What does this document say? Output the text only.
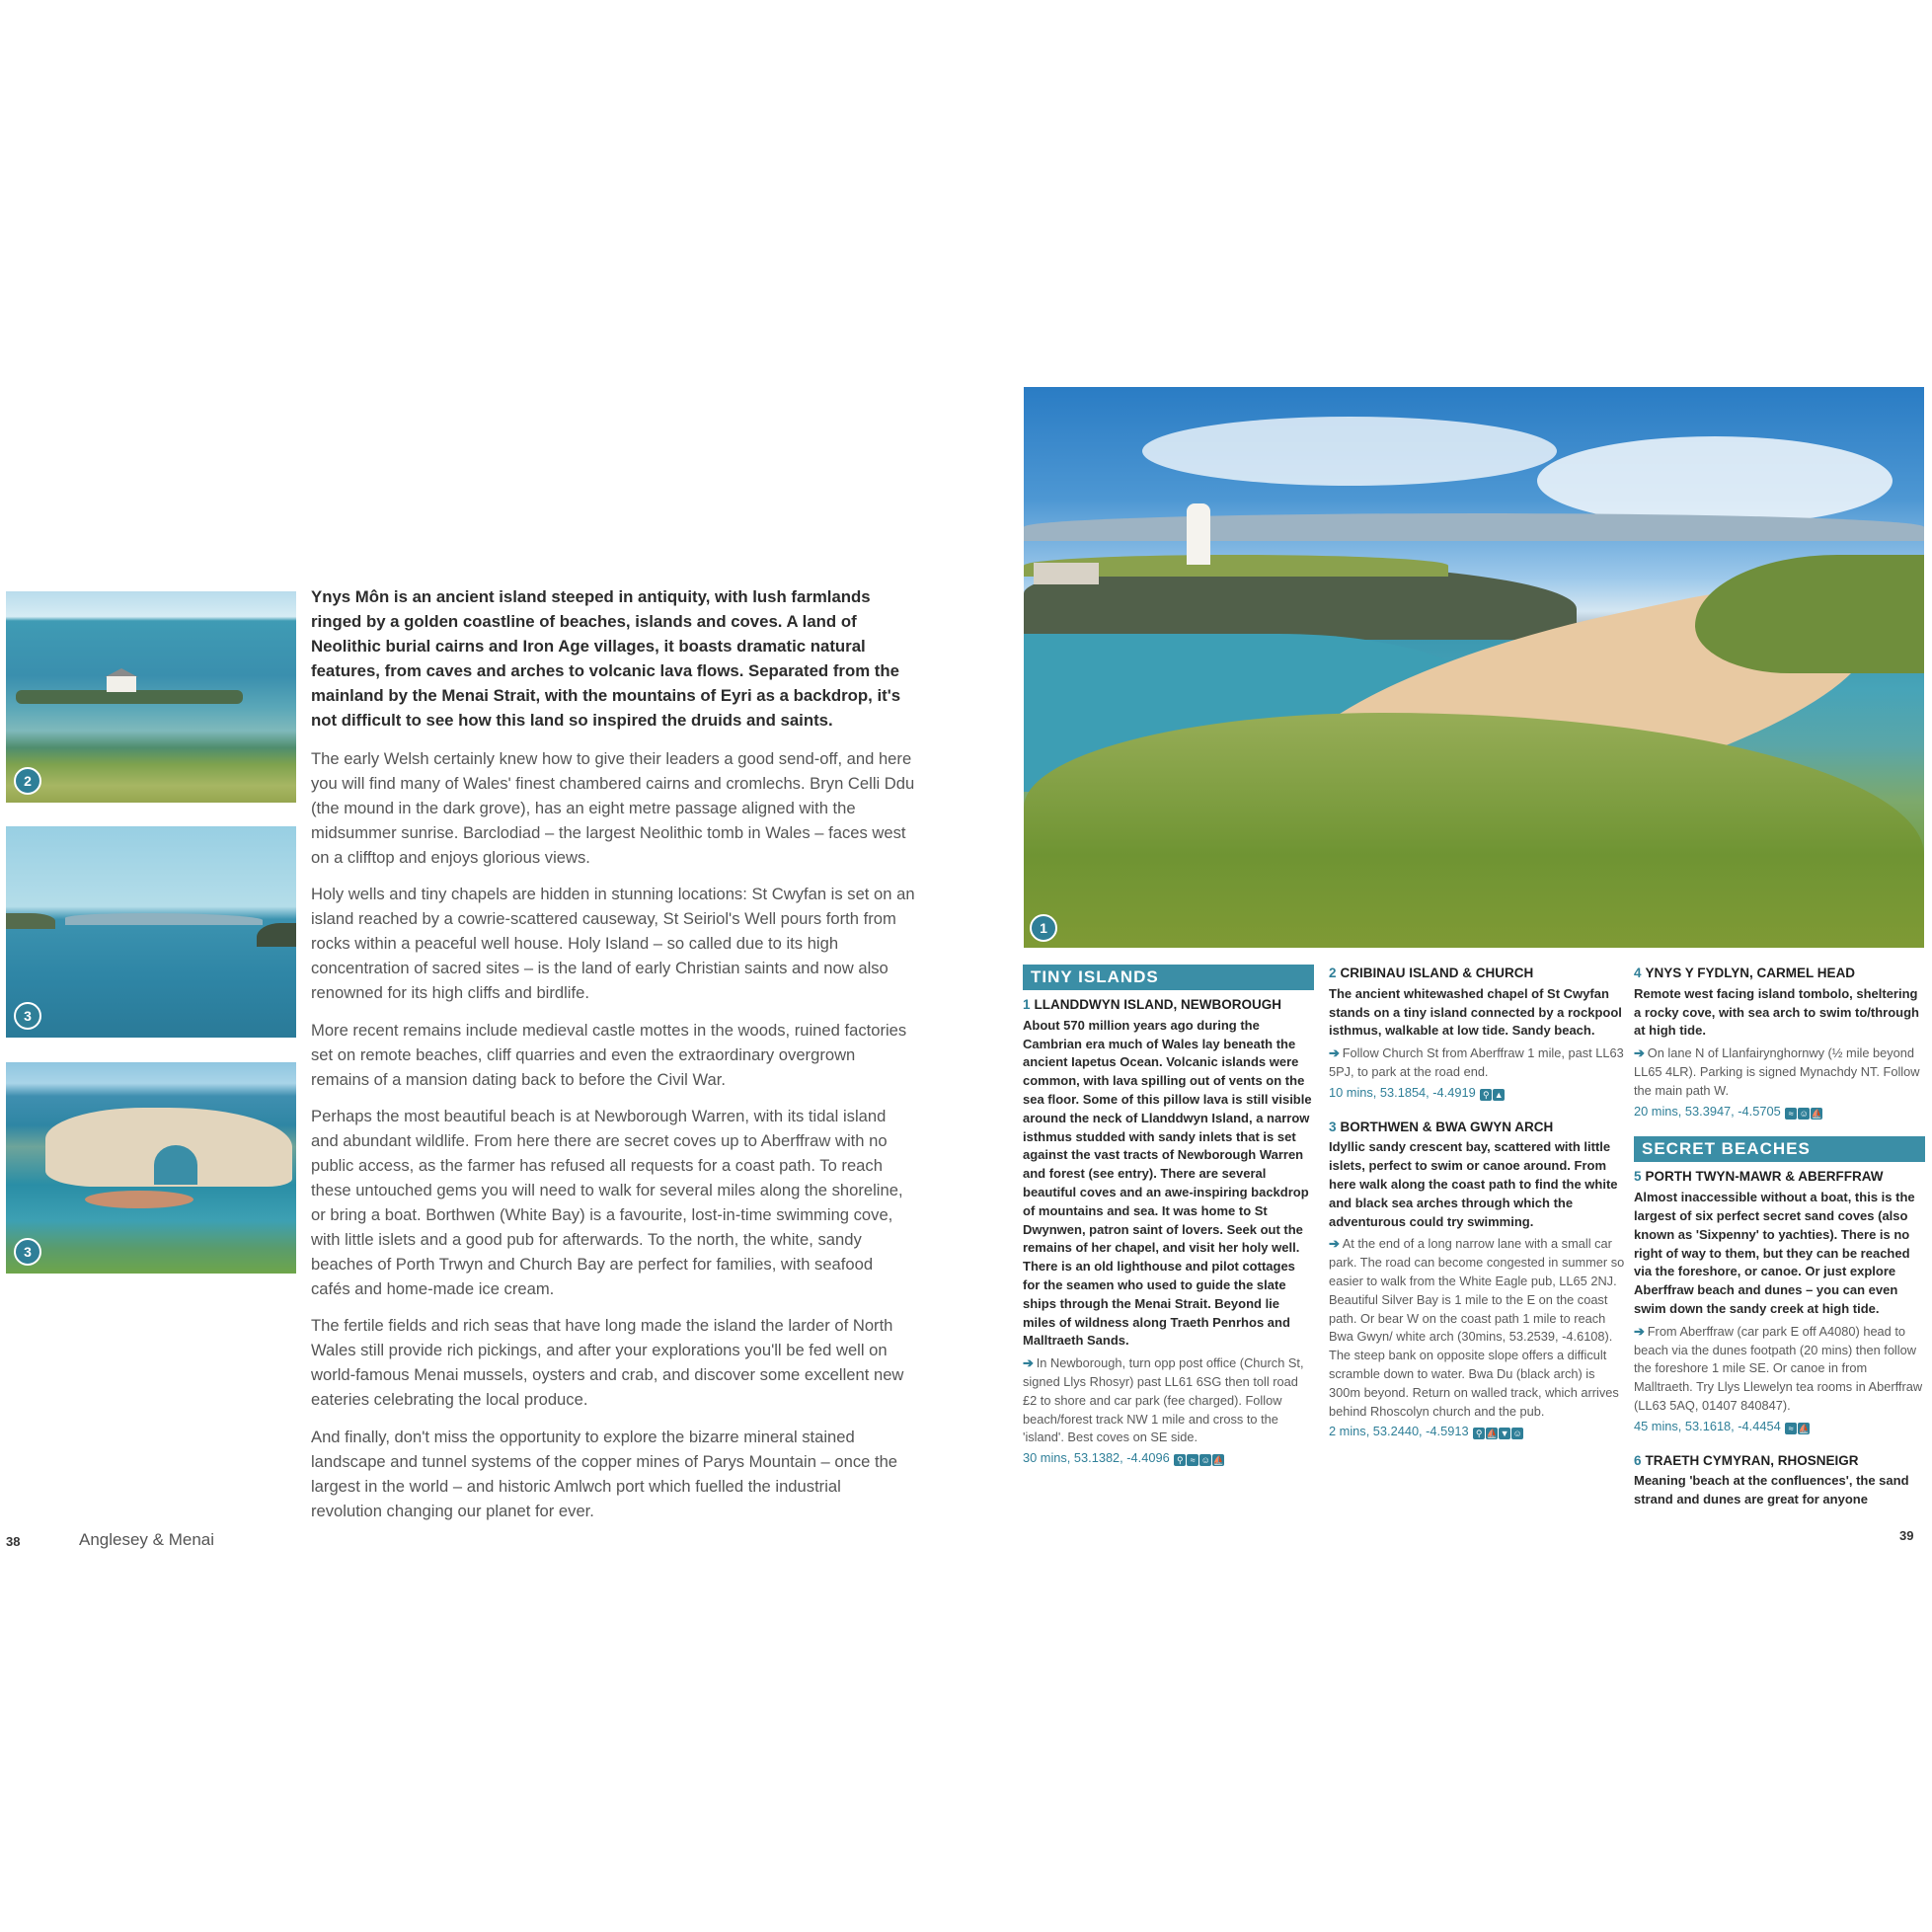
2
3
3

Ynys Môn is an ancient island steeped in antiquity, with lush farmlands ringed by a golden coastline of beaches, islands and coves. A land of Neolithic burial cairns and Iron Age villages, it boasts dramatic natural features, from caves and arches to volcanic lava flows. Separated from the mainland by the Menai Strait, with the mountains of Eyri as a backdrop, it's not difficult to see how this land so inspired the druids and saints.

The early Welsh certainly knew how to give their leaders a good send-off, and here you will find many of Wales' finest chambered cairns and cromlechs. Bryn Celli Ddu (the mound in the dark grove), has an eight metre passage aligned with the midsummer sunrise. Barclodiad – the largest Neolithic tomb in Wales – faces west on a clifftop and enjoys glorious views.

Holy wells and tiny chapels are hidden in stunning locations: St Cwyfan is set on an island reached by a cowrie-scattered causeway, St Seiriol's Well pours forth from rocks within a peaceful well house. Holy Island – so called due to its high concentration of sacred sites – is the land of early Christian saints and now also renowned for its high cliffs and birdlife.

More recent remains include medieval castle mottes in the woods, ruined factories set on remote beaches, cliff quarries and even the extraordinary overgrown remains of a mansion dating back to before the Civil War.

Perhaps the most beautiful beach is at Newborough Warren, with its tidal island and abundant wildlife. From here there are secret coves up to Aberffraw with no public access, as the farmer has refused all requests for a coast path. To reach these untouched gems you will need to walk for several miles along the shoreline, or bring a boat. Borthwen (White Bay) is a favourite, lost-in-time swimming cove, with little islets and a good pub for afterwards. To the north, the white, sandy beaches of Porth Trwyn and Church Bay are perfect for families, with seafood cafés and home-made ice cream.

The fertile fields and rich seas that have long made the island the larder of North Wales still provide rich pickings, and after your explorations you'll be fed well on world-famous Menai mussels, oysters and crab, and discover some excellent new eateries celebrating the local produce.

And finally, don't miss the opportunity to explore the bizarre mineral stained landscape and tunnel systems of the copper mines of Parys Mountain – once the largest in the world – and historic Amlwch port which fuelled the industrial revolution changing our planet for ever.

38	Anglesey & Menai
1
TINY ISLANDS

1 LLANDDWYN ISLAND, NEWBOROUGH

About 570 million years ago during the Cambrian era much of Wales lay beneath the ancient Iapetus Ocean. Volcanic islands were common, with lava spilling out of vents on the sea floor. Some of this pillow lava is still visible around the neck of Llanddwyn Island, a narrow isthmus studded with sandy inlets that is set against the vast tracts of Newborough Warren and forest (see entry). There are several beautiful coves and an awe-inspiring backdrop of mountains and sea. It was home to St Dwynwen, patron saint of lovers. Seek out the remains of her chapel, and visit her holy well. There is an old lighthouse and pilot cottages for the seamen who used to guide the slate ships through the Menai Strait. Beyond lie miles of wildness along Traeth Penrhos and Malltraeth Sands.

➔ In Newborough, turn opp post office (Church St, signed Llys Rhosyr) past LL61 6SG then toll road £2 to shore and car park (fee charged). Follow beach/forest track NW 1 mile and cross to the 'island'. Best coves on SE side.

30 mins, 53.1382, -4.4096 ⚲ ≈ ☺ ⛵

2 CRIBINAU ISLAND & CHURCH

The ancient whitewashed chapel of St Cwyfan stands on a tiny island connected by a rockpool isthmus, walkable at low tide. Sandy beach.

➔ Follow Church St from Aberffraw 1 mile, past LL63 5PJ, to park at the road end.

10 mins, 53.1854, -4.4919 ⚲ ▲

3 BORTHWEN & BWA GWYN ARCH

Idyllic sandy crescent bay, scattered with little islets, perfect to swim or canoe around. From here walk along the coast path to find the white and black sea arches through which the adventurous could try swimming.

➔ At the end of a long narrow lane with a small car park. The road can become congested in summer so easier to walk from the White Eagle pub, LL65 2NJ. Beautiful Silver Bay is 1 mile to the E on the coast path. Or bear W on the coast path 1 mile to reach Bwa Gwyn/ white arch (30mins, 53.2539, -4.6108). The steep bank on opposite slope offers a difficult scramble down to water. Bwa Du (black arch) is 300m beyond. Return on walled track, which arrives behind Rhoscolyn church and the pub.

2 mins, 53.2440, -4.5913 ⚲ ⛵ ▼ ☺

4 YNYS Y FYDLYN, CARMEL HEAD

Remote west facing island tombolo, sheltering a rocky cove, with sea arch to swim to/through at high tide.

➔ On lane N of Llanfairynghornwy (½ mile beyond LL65 4LR). Parking is signed Mynachdy NT. Follow the main path W.

20 mins, 53.3947, -4.5705 ≈ ☺ ⛵

SECRET BEACHES

5 PORTH TWYN-MAWR & ABERFFRAW

Almost inaccessible without a boat, this is the largest of six perfect secret sand coves (also known as 'Sixpenny' to yachties). There is no right of way to them, but they can be reached via the foreshore, or canoe. Or just explore Aberffraw beach and dunes – you can even swim down the sandy creek at high tide.

➔ From Aberffraw (car park E off A4080) head to beach via the dunes footpath (20 mins) then follow the foreshore 1 mile SE. Or canoe in from Malltraeth. Try Llys Llewelyn tea rooms in Aberffraw (LL63 5AQ, 01407 840847).

45 mins, 53.1618, -4.4454 ≈ ⛵

6 TRAETH CYMYRAN, RHOSNEIGR

Meaning 'beach at the confluences', the sand strand and dunes are great for anyone

39
